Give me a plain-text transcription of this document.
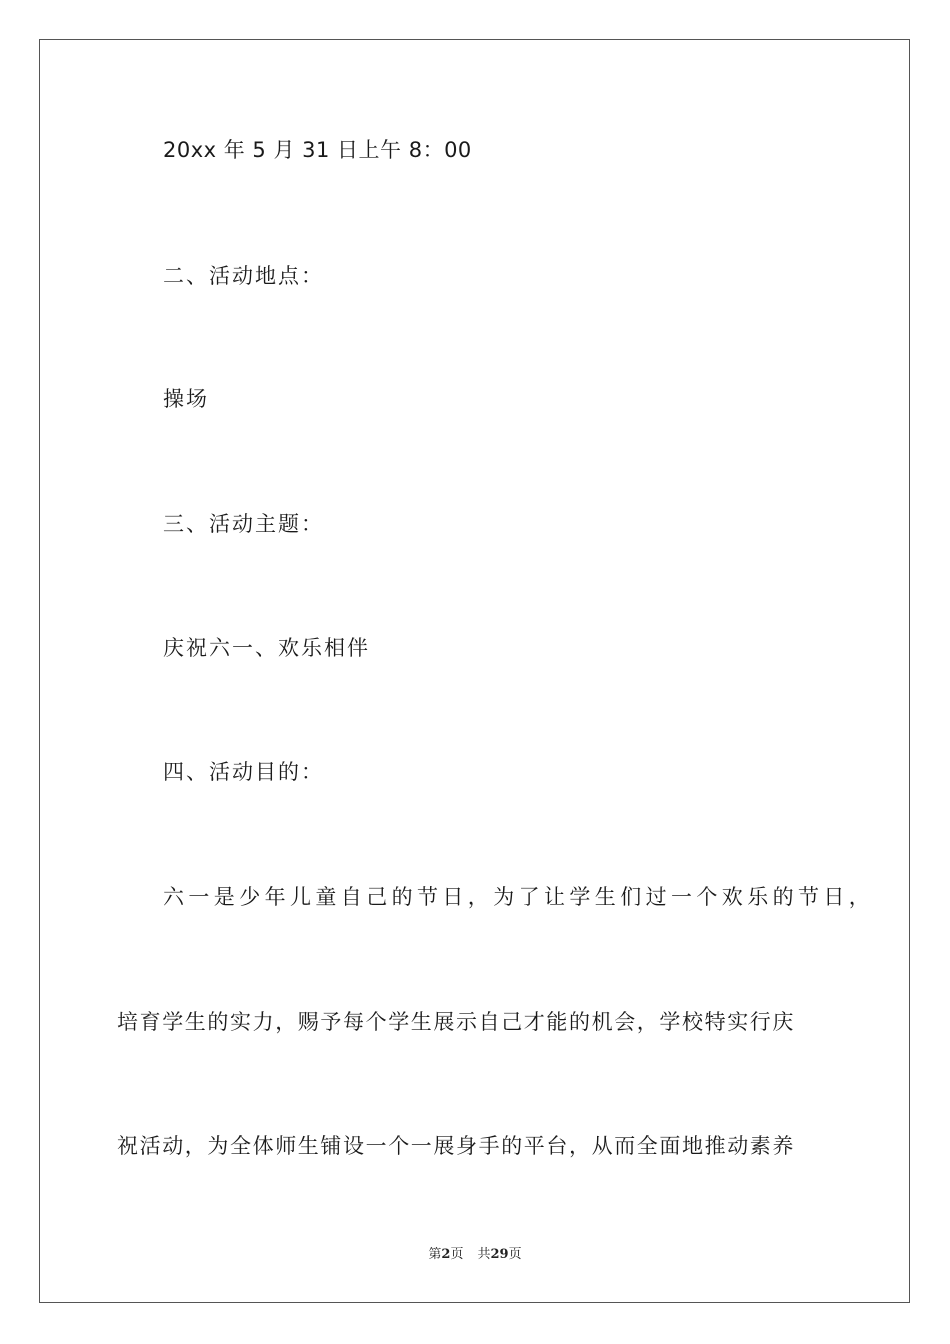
20xx 年 5 月 31 日上午 8：00
二、活动地点：
操场
三、活动主题：
庆祝六一、欢乐相伴
四、活动目的：
六一是少年儿童自己的节日，为了让学生们过一个欢乐的节日，
培育学生的实力，赐予每个学生展示自己才能的机会，学校特实行庆
祝活动，为全体师生铺设一个一展身手的平台，从而全面地推动素养
第2页 共29页
